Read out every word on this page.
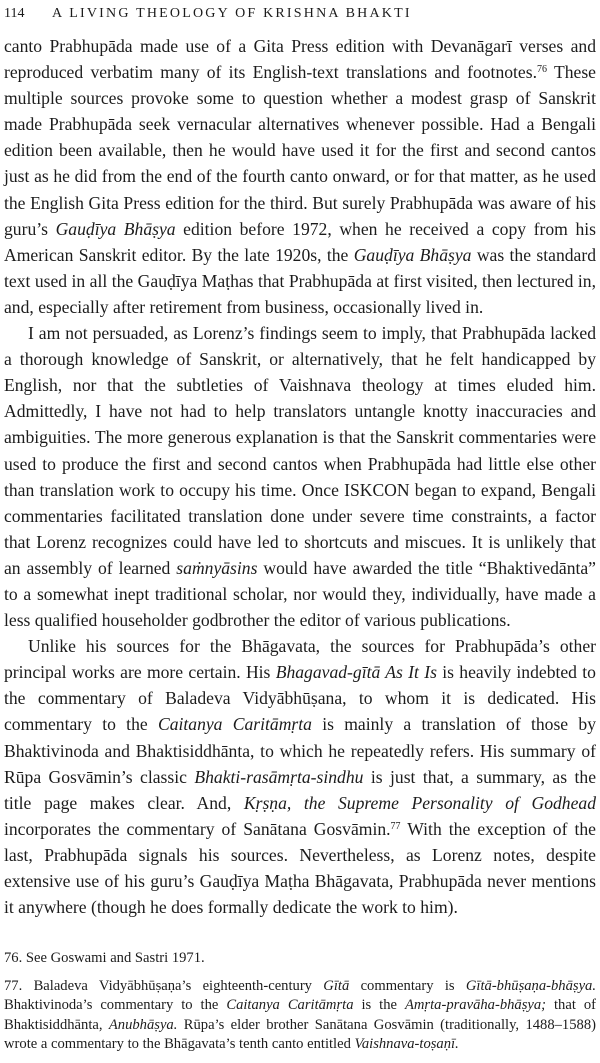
114 A LIVING THEOLOGY OF KRISHNA BHAKTI

canto Prabhupāda made use of a Gita Press edition with Devanāgarī verses and reproduced verbatim many of its English-text translations and footnotes.$^{76}$ These multiple sources provoke some to question whether a modest grasp of Sanskrit made Prabhupāda seek vernacular alternatives whenever possible. Had a Bengali edition been available, then he would have used it for the first and second cantos just as he did from the end of the fourth canto onward, or for that matter, as he used the English Gita Press edition for the third. But surely Prabhupāda was aware of his guru’s Gauḍīya Bhāṣya edition before 1972, when he received a copy from his American Sanskrit editor. By the late 1920s, the Gauḍīya Bhāṣya was the standard text used in all the Gauḍīya Maṭhas that Prabhupāda at first visited, then lectured in, and, especially after retirement from business, occasionally lived in.

I am not persuaded, as Lorenz’s findings seem to imply, that Prabhupāda lacked a thorough knowledge of Sanskrit, or alternatively, that he felt handicapped by English, nor that the subtleties of Vaishnava theology at times eluded him. Admittedly, I have not had to help translators untangle knotty inaccuracies and ambiguities. The more generous explanation is that the Sanskrit commentaries were used to produce the first and second cantos when Prabhupāda had little else other than translation work to occupy his time. Once ISKCON began to expand, Bengali commentaries facilitated translation done under severe time constraints, a factor that Lorenz recognizes could have led to shortcuts and miscues. It is unlikely that an assembly of learned saṁnyāsins would have awarded the title “Bhaktivedānta” to a somewhat inept traditional scholar, nor would they, individually, have made a less qualified householder godbrother the editor of various publications.

Unlike his sources for the Bhāgavata, the sources for Prabhupāda’s other principal works are more certain. His Bhagavad-gītā As It Is is heavily indebted to the commentary of Baladeva Vidyābhūṣana, to whom it is dedicated. His commentary to the Caitanya Caritāmṛta is mainly a translation of those by Bhaktivinoda and Bhaktisiddhānta, to which he repeatedly refers. His summary of Rūpa Gosvāmin’s classic Bhakti-rasāmṛta-sindhu is just that, a summary, as the title page makes clear. And, Kṛṣṇa, the Supreme Personality of Godhead incorporates the commentary of Sanātana Gosvāmin.$^{77}$ With the exception of the last, Prabhupāda signals his sources. Nevertheless, as Lorenz notes, despite extensive use of his guru’s Gauḍīya Maṭha Bhāgavata, Prabhupāda never mentions it anywhere (though he does formally dedicate the work to him).

76. See Goswami and Sastri 1971.

77. Baladeva Vidyābhūṣaṇa’s eighteenth-century Gītā commentary is Gītā-bhūṣaṇa-bhāṣya. Bhaktivinoda’s commentary to the Caitanya Caritāmṛta is the Amṛta-pravāha-bhāṣya; that of Bhaktisiddhānta, Anubhāṣya. Rūpa’s elder brother Sanātana Gosvāmin (traditionally, 1488–1588) wrote a commentary to the Bhāgavata’s tenth canto entitled Vaishnava-toṣaṇī.
